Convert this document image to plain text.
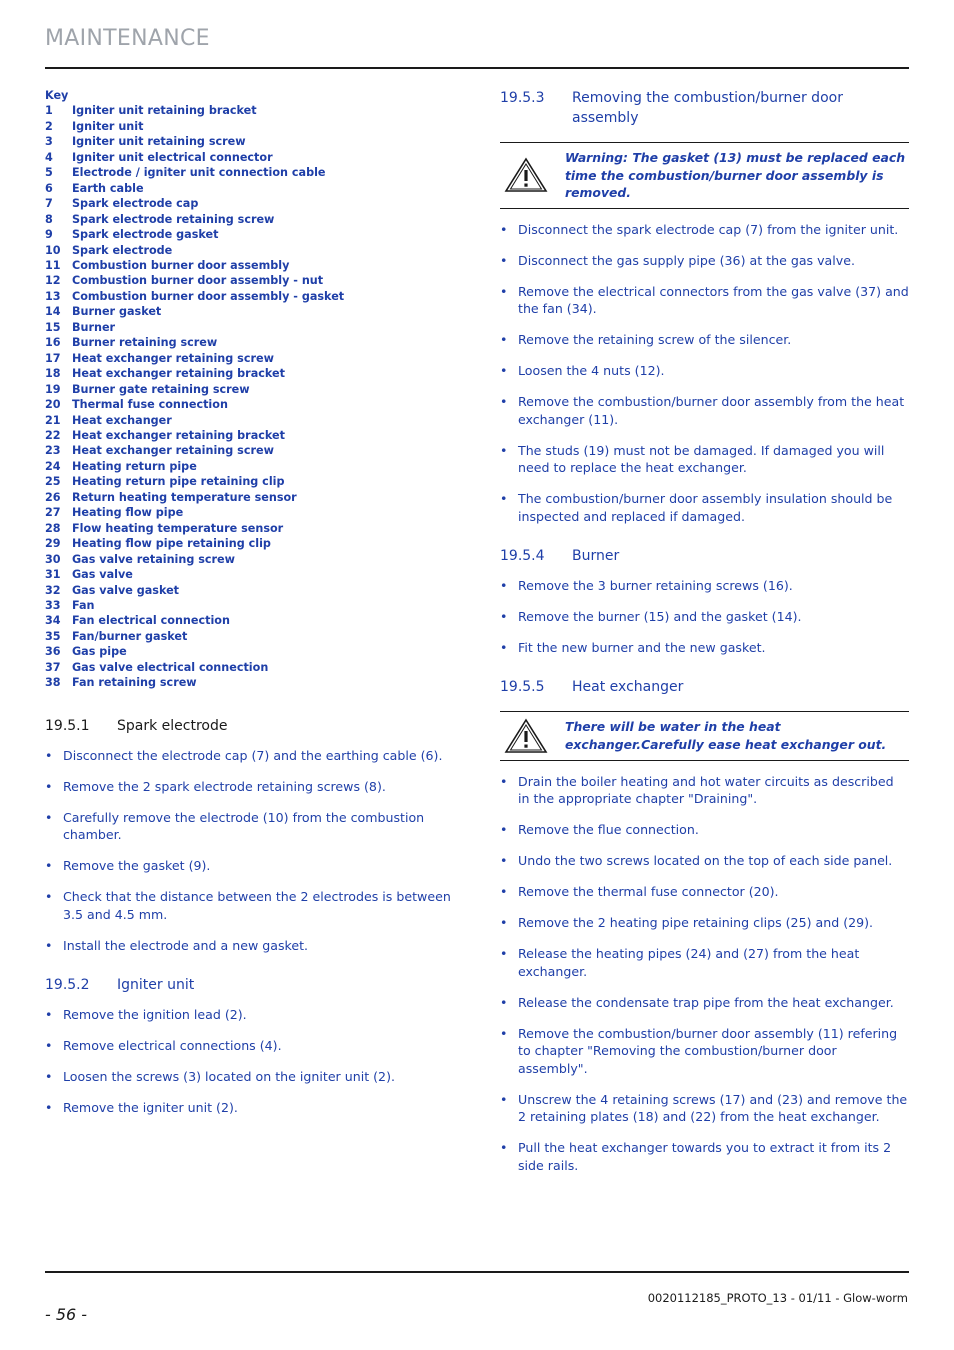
MAINTENANCE
Key
1	Igniter unit retaining bracket
2	Igniter unit
3	Igniter unit retaining screw
4	Igniter unit electrical connector
5	Electrode / igniter unit connection cable
6	Earth cable
7	Spark electrode cap
8	Spark electrode retaining screw
9	Spark electrode gasket
10	Spark electrode
11	Combustion burner door assembly
12	Combustion burner door assembly - nut
13	Combustion burner door assembly - gasket
14	Burner gasket
15	Burner
16	Burner retaining screw
17	Heat exchanger retaining screw
18	Heat exchanger retaining bracket
19	Burner gate retaining screw
20	Thermal fuse connection
21	Heat exchanger
22	Heat exchanger retaining bracket
23	Heat exchanger retaining screw
24	Heating return pipe
25	Heating return pipe retaining clip
26	Return heating temperature sensor
27	Heating flow pipe
28	Flow heating temperature sensor
29	Heating flow pipe retaining clip
30	Gas valve retaining screw
31	Gas valve
32	Gas valve gasket
33	Fan
34	Fan electrical connection
35	Fan/burner gasket
36	Gas pipe
37	Gas valve electrical connection
38	Fan retaining screw
19.5.1	Spark electrode
• Disconnect the electrode cap (7) and the earthing cable (6).
• Remove the 2 spark electrode retaining screws (8).
• Carefully remove the electrode (10) from the combustion chamber.
• Remove the gasket (9).
• Check that the distance between the 2 electrodes is between 3.5 and 4.5 mm.
• Install the electrode and a new gasket.
19.5.2	Igniter unit
• Remove the ignition lead (2).
• Remove electrical connections (4).
• Loosen the screws (3) located on the igniter unit (2).
• Remove the igniter unit (2).
19.5.3	Removing the combustion/burner door assembly
Warning: The gasket (13) must be replaced each time the combustion/burner door assembly is removed.
• Disconnect the spark electrode cap (7) from the igniter unit.
• Disconnect the gas supply pipe (36) at the gas valve.
• Remove the electrical connectors from the gas valve (37) and the fan (34).
• Remove the retaining screw of the silencer.
• Loosen the 4 nuts (12).
• Remove the combustion/burner door assembly from the heat exchanger (11).
• The studs (19) must not be damaged. If damaged you will need to replace the heat exchanger.
• The combustion/burner door assembly insulation should be inspected and replaced if damaged.
19.5.4	Burner
• Remove the 3 burner retaining screws (16).
• Remove the burner (15) and the gasket (14).
• Fit the new burner and the new gasket.
19.5.5	Heat exchanger
There will be water in the heat exchanger.Carefully ease heat exchanger out.
• Drain the boiler heating and hot water circuits as described in the appropriate chapter "Draining".
• Remove the flue connection.
• Undo the two screws located on the top of each side panel.
• Remove the thermal fuse connector (20).
• Remove the 2 heating pipe retaining clips (25) and (29).
• Release the heating pipes (24) and (27) from the heat exchanger.
• Release the condensate trap pipe from the heat exchanger.
• Remove the combustion/burner door assembly (11) refering to chapter "Removing the combustion/burner door assembly".
• Unscrew the 4 retaining screws (17) and (23) and remove the 2 retaining plates (18) and (22) from the heat exchanger.
• Pull the heat exchanger towards you to extract it from its 2 side rails.
0020112185_PROTO_13 - 01/11 - Glow-worm
- 56 -
